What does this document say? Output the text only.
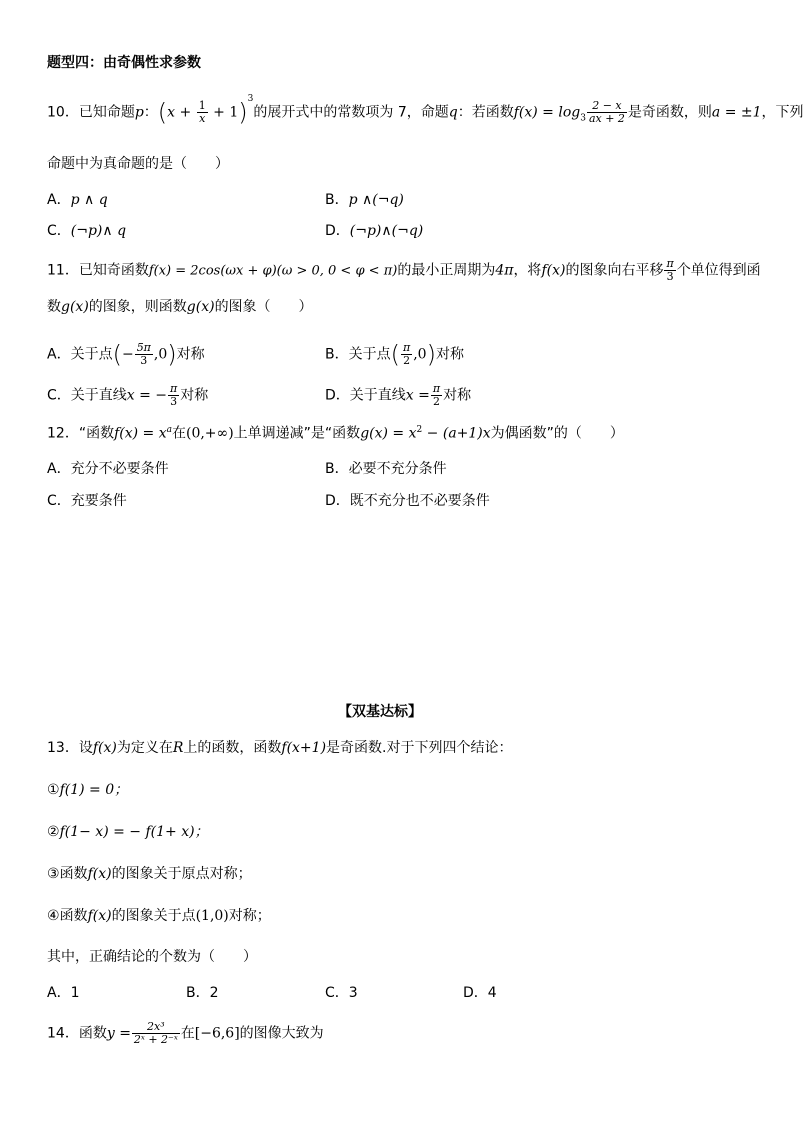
题型四：由奇偶性求参数
10．已知命题p：$(x + \frac{1}{x} + 1)^3$的展开式中的常数项为 7，命题q：若函数$f(x) = \log_3 \frac{2 - x}{ax + 2}$ 是奇函数，则a = ±1，下列
命题中为真命题的是（　　）
A．p ∧ q	B．p ∧(¬q)
C．(¬p)∧ q	D．(¬p)∧(¬q)
11．已知奇函数f(x) = 2cos(ωx + φ)(ω > 0, 0 < φ < π)的最小正周期为4π，将f(x)的图象向右平移 $\frac{\pi}{3}$ 个单位得到函
数g(x)的图象，则函数g(x)的图象（　　）
A．关于点(− $\frac{5\pi}{3} ,0$)对称	B．关于点( $\frac{\pi}{2} ,0$)对称
C．关于直线x = − $\frac{\pi}{3}$ 对称	D．关于直线$x = \frac{\pi}{2}$ 对称
12．“函数$f(x) = x^a$在(0,+∞)上单调递减”是“函数$g(x) = x^2 - (a+1)x$为偶函数”的（　　）
A．充分不必要条件	B．必要不充分条件
C．充要条件	D．既不充分也不必要条件
【双基达标】
13．设f(x)为定义在R上的函数，函数f(x+1)是奇函数.对于下列四个结论：
①f(1) = 0；
②f(1− x) = − f(1+ x)；
③函数f(x)的图象关于原点对称；
④函数f(x)的图象关于点(1,0)对称；
其中，正确结论的个数为（　　）
A．1	B．2	C．3	D．4
14．函数$y = \frac{\text{2x³}}{\text{2ˣ + 2⁻ˣ}}$ 在[−6,6]的图像大致为
